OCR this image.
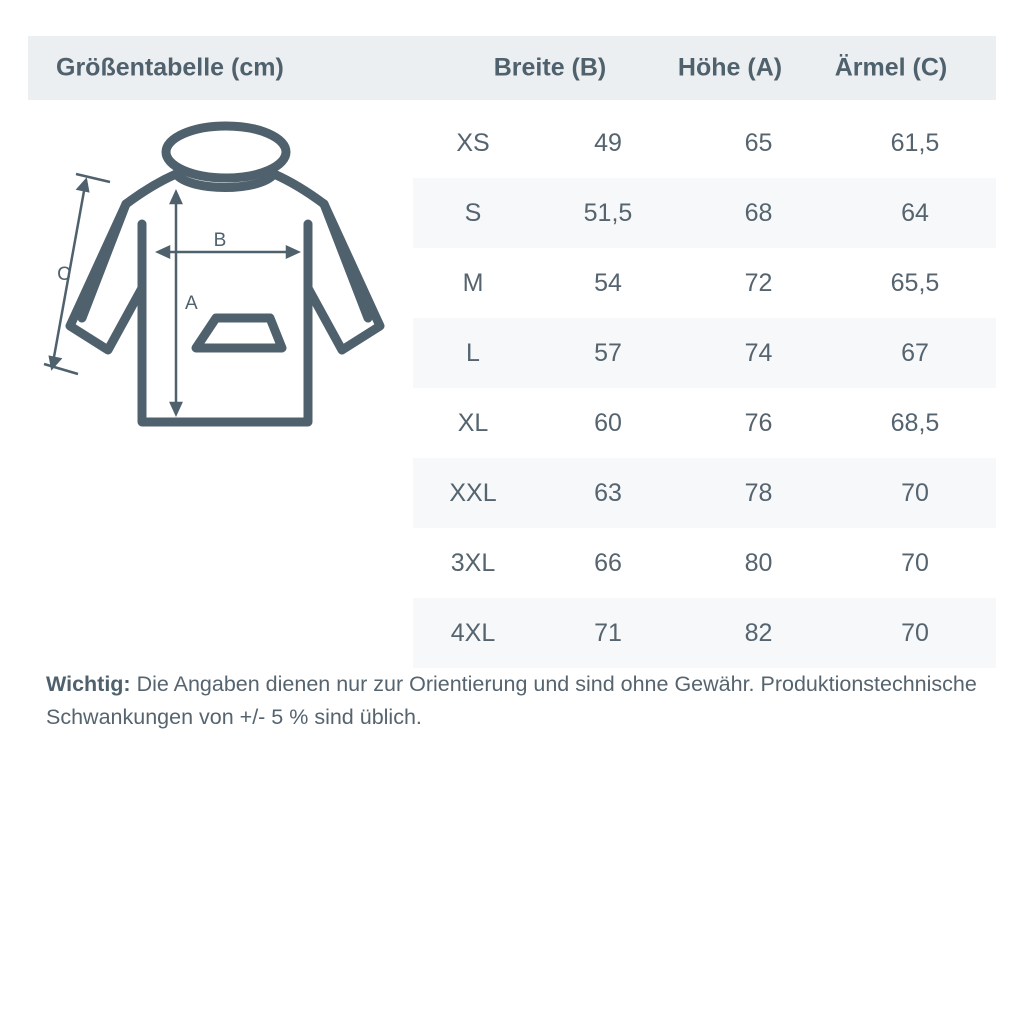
Größentabelle (cm)	Breite (B)	Höhe (A)	Ärmel (C)
B
A
C
XS	49	65	61,5
S	51,5	68	64
M	54	72	65,5
L	57	74	67
XL	60	76	68,5
XXL	63	78	70
3XL	66	80	70
4XL	71	82	70
Wichtig: Die Angaben dienen nur zur Orientierung und sind ohne Gewähr. Produktionstechnische Schwankungen von +/- 5 % sind üblich.
